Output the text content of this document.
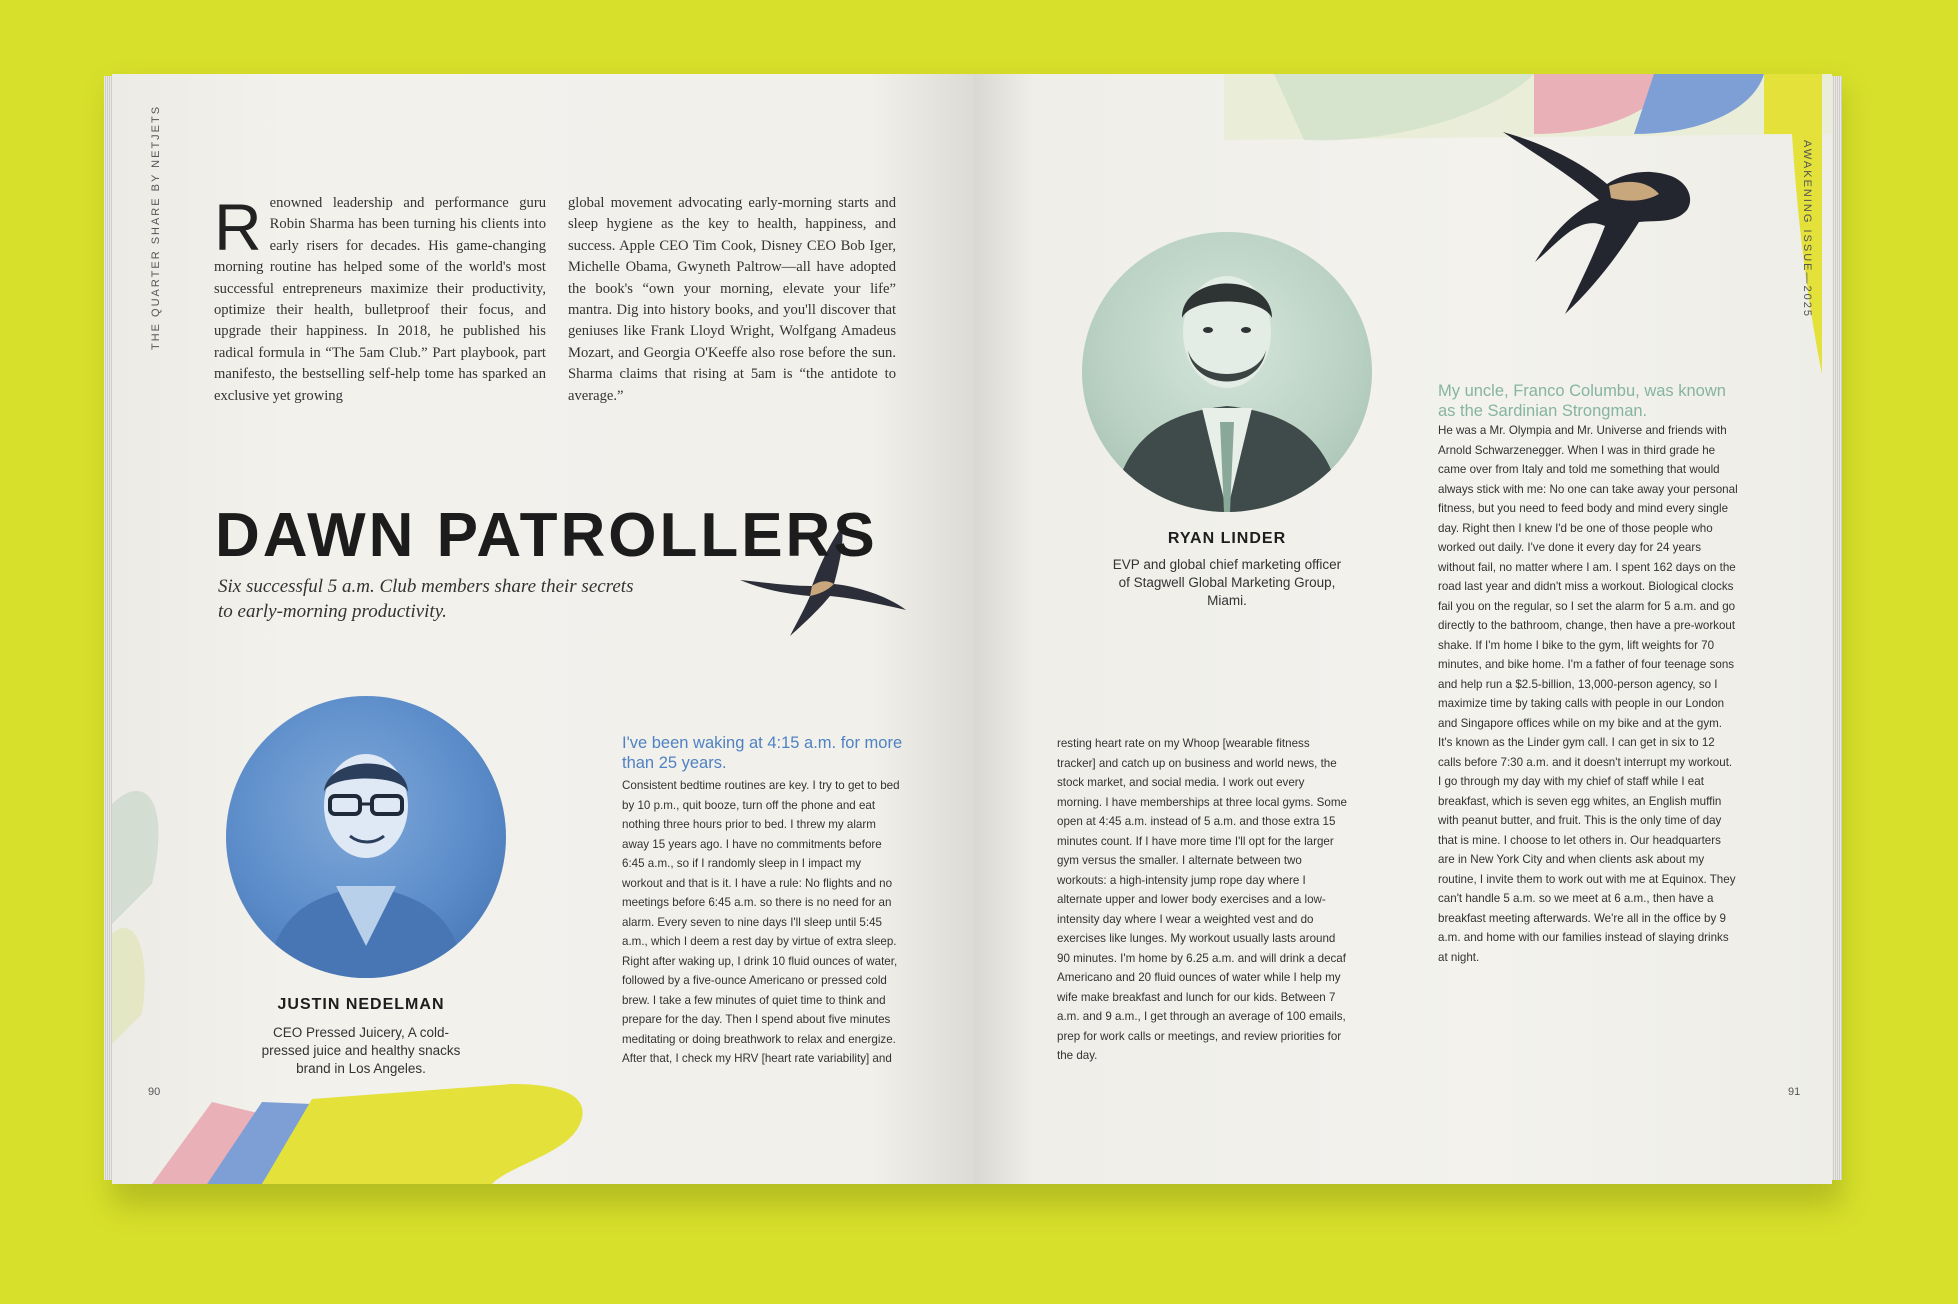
90	91
THE QUARTER SHARE BY NETJETS	AWAKENING ISSUE—2025
Renowned leadership and performance guru Robin Sharma has been turning his clients into early risers for decades. His game-changing morning routine has helped some of the world's most successful entrepreneurs maximize their productivity, optimize their health, bulletproof their focus, and upgrade their happiness. In 2018, he published his radical formula in “The 5am Club.” Part playbook, part manifesto, the bestselling self-help tome has sparked an exclusive yet growing
global movement advocating early-morning starts and sleep hygiene as the key to health, happiness, and success. Apple CEO Tim Cook, Disney CEO Bob Iger, Michelle Obama, Gwyneth Paltrow—all have adopted the book's “own your morning, elevate your life” mantra. Dig into history books, and you'll discover that geniuses like Frank Lloyd Wright, Wolfgang Amadeus Mozart, and Georgia O'Keeffe also rose before the sun. Sharma claims that rising at 5am is “the antidote to average.”
DAWN PATROLLERS
Six successful 5 a.m. Club members share their secrets to early-morning productivity.
JUSTIN NEDELMAN
CEO Pressed Juicery, A cold-pressed juice and healthy snacks brand in Los Angeles.
I've been waking at 4:15 a.m. for more than 25 years.
Consistent bedtime routines are key. I try to get to bed by 10 p.m., quit booze, turn off the phone and eat nothing three hours prior to bed. I threw my alarm away 15 years ago. I have no commitments before 6:45 a.m., so if I randomly sleep in I impact my workout and that is it. I have a rule: No flights and no meetings before 6:45 a.m. so there is no need for an alarm. Every seven to nine days I'll sleep until 5:45 a.m., which I deem a rest day by virtue of extra sleep. Right after waking up, I drink 10 fluid ounces of water, followed by a five-ounce Americano or pressed cold brew. I take a few minutes of quiet time to think and prepare for the day. Then I spend about five minutes meditating or doing breathwork to relax and energize. After that, I check my HRV [heart rate variability] and
resting heart rate on my Whoop [wearable fitness tracker] and catch up on business and world news, the stock market, and social media. I work out every morning. I have memberships at three local gyms. Some open at 4:45 a.m. instead of 5 a.m. and those extra 15 minutes count. If I have more time I'll opt for the larger gym versus the smaller. I alternate between two workouts: a high-intensity jump rope day where I alternate upper and lower body exercises and a low-intensity day where I wear a weighted vest and do exercises like lunges. My workout usually lasts around 90 minutes. I'm home by 6.25 a.m. and will drink a decaf Americano and 20 fluid ounces of water while I help my wife make breakfast and lunch for our kids. Between 7 a.m. and 9 a.m., I get through an average of 100 emails, prep for work calls or meetings, and review priorities for the day.
RYAN LINDER
EVP and global chief marketing officer of Stagwell Global Marketing Group, Miami.
My uncle, Franco Columbu, was known as the Sardinian Strongman.
He was a Mr. Olympia and Mr. Universe and friends with Arnold Schwarzenegger. When I was in third grade he came over from Italy and told me something that would always stick with me: No one can take away your personal fitness, but you need to feed body and mind every single day. Right then I knew I'd be one of those people who worked out daily. I've done it every day for 24 years without fail, no matter where I am. I spent 162 days on the road last year and didn't miss a workout. Biological clocks fail you on the regular, so I set the alarm for 5 a.m. and go directly to the bathroom, change, then have a pre-workout shake. If I'm home I bike to the gym, lift weights for 70 minutes, and bike home. I'm a father of four teenage sons and help run a $2.5-billion, 13,000-person agency, so I maximize time by taking calls with people in our London and Singapore offices while on my bike and at the gym. It's known as the Linder gym call. I can get in six to 12 calls before 7:30 a.m. and it doesn't interrupt my workout. I go through my day with my chief of staff while I eat breakfast, which is seven egg whites, an English muffin with peanut butter, and fruit. This is the only time of day that is mine. I choose to let others in. Our headquarters are in New York City and when clients ask about my routine, I invite them to work out with me at Equinox. They can't handle 5 a.m. so we meet at 6 a.m., then have a breakfast meeting afterwards. We're all in the office by 9 a.m. and home with our families instead of slaying drinks at night.
